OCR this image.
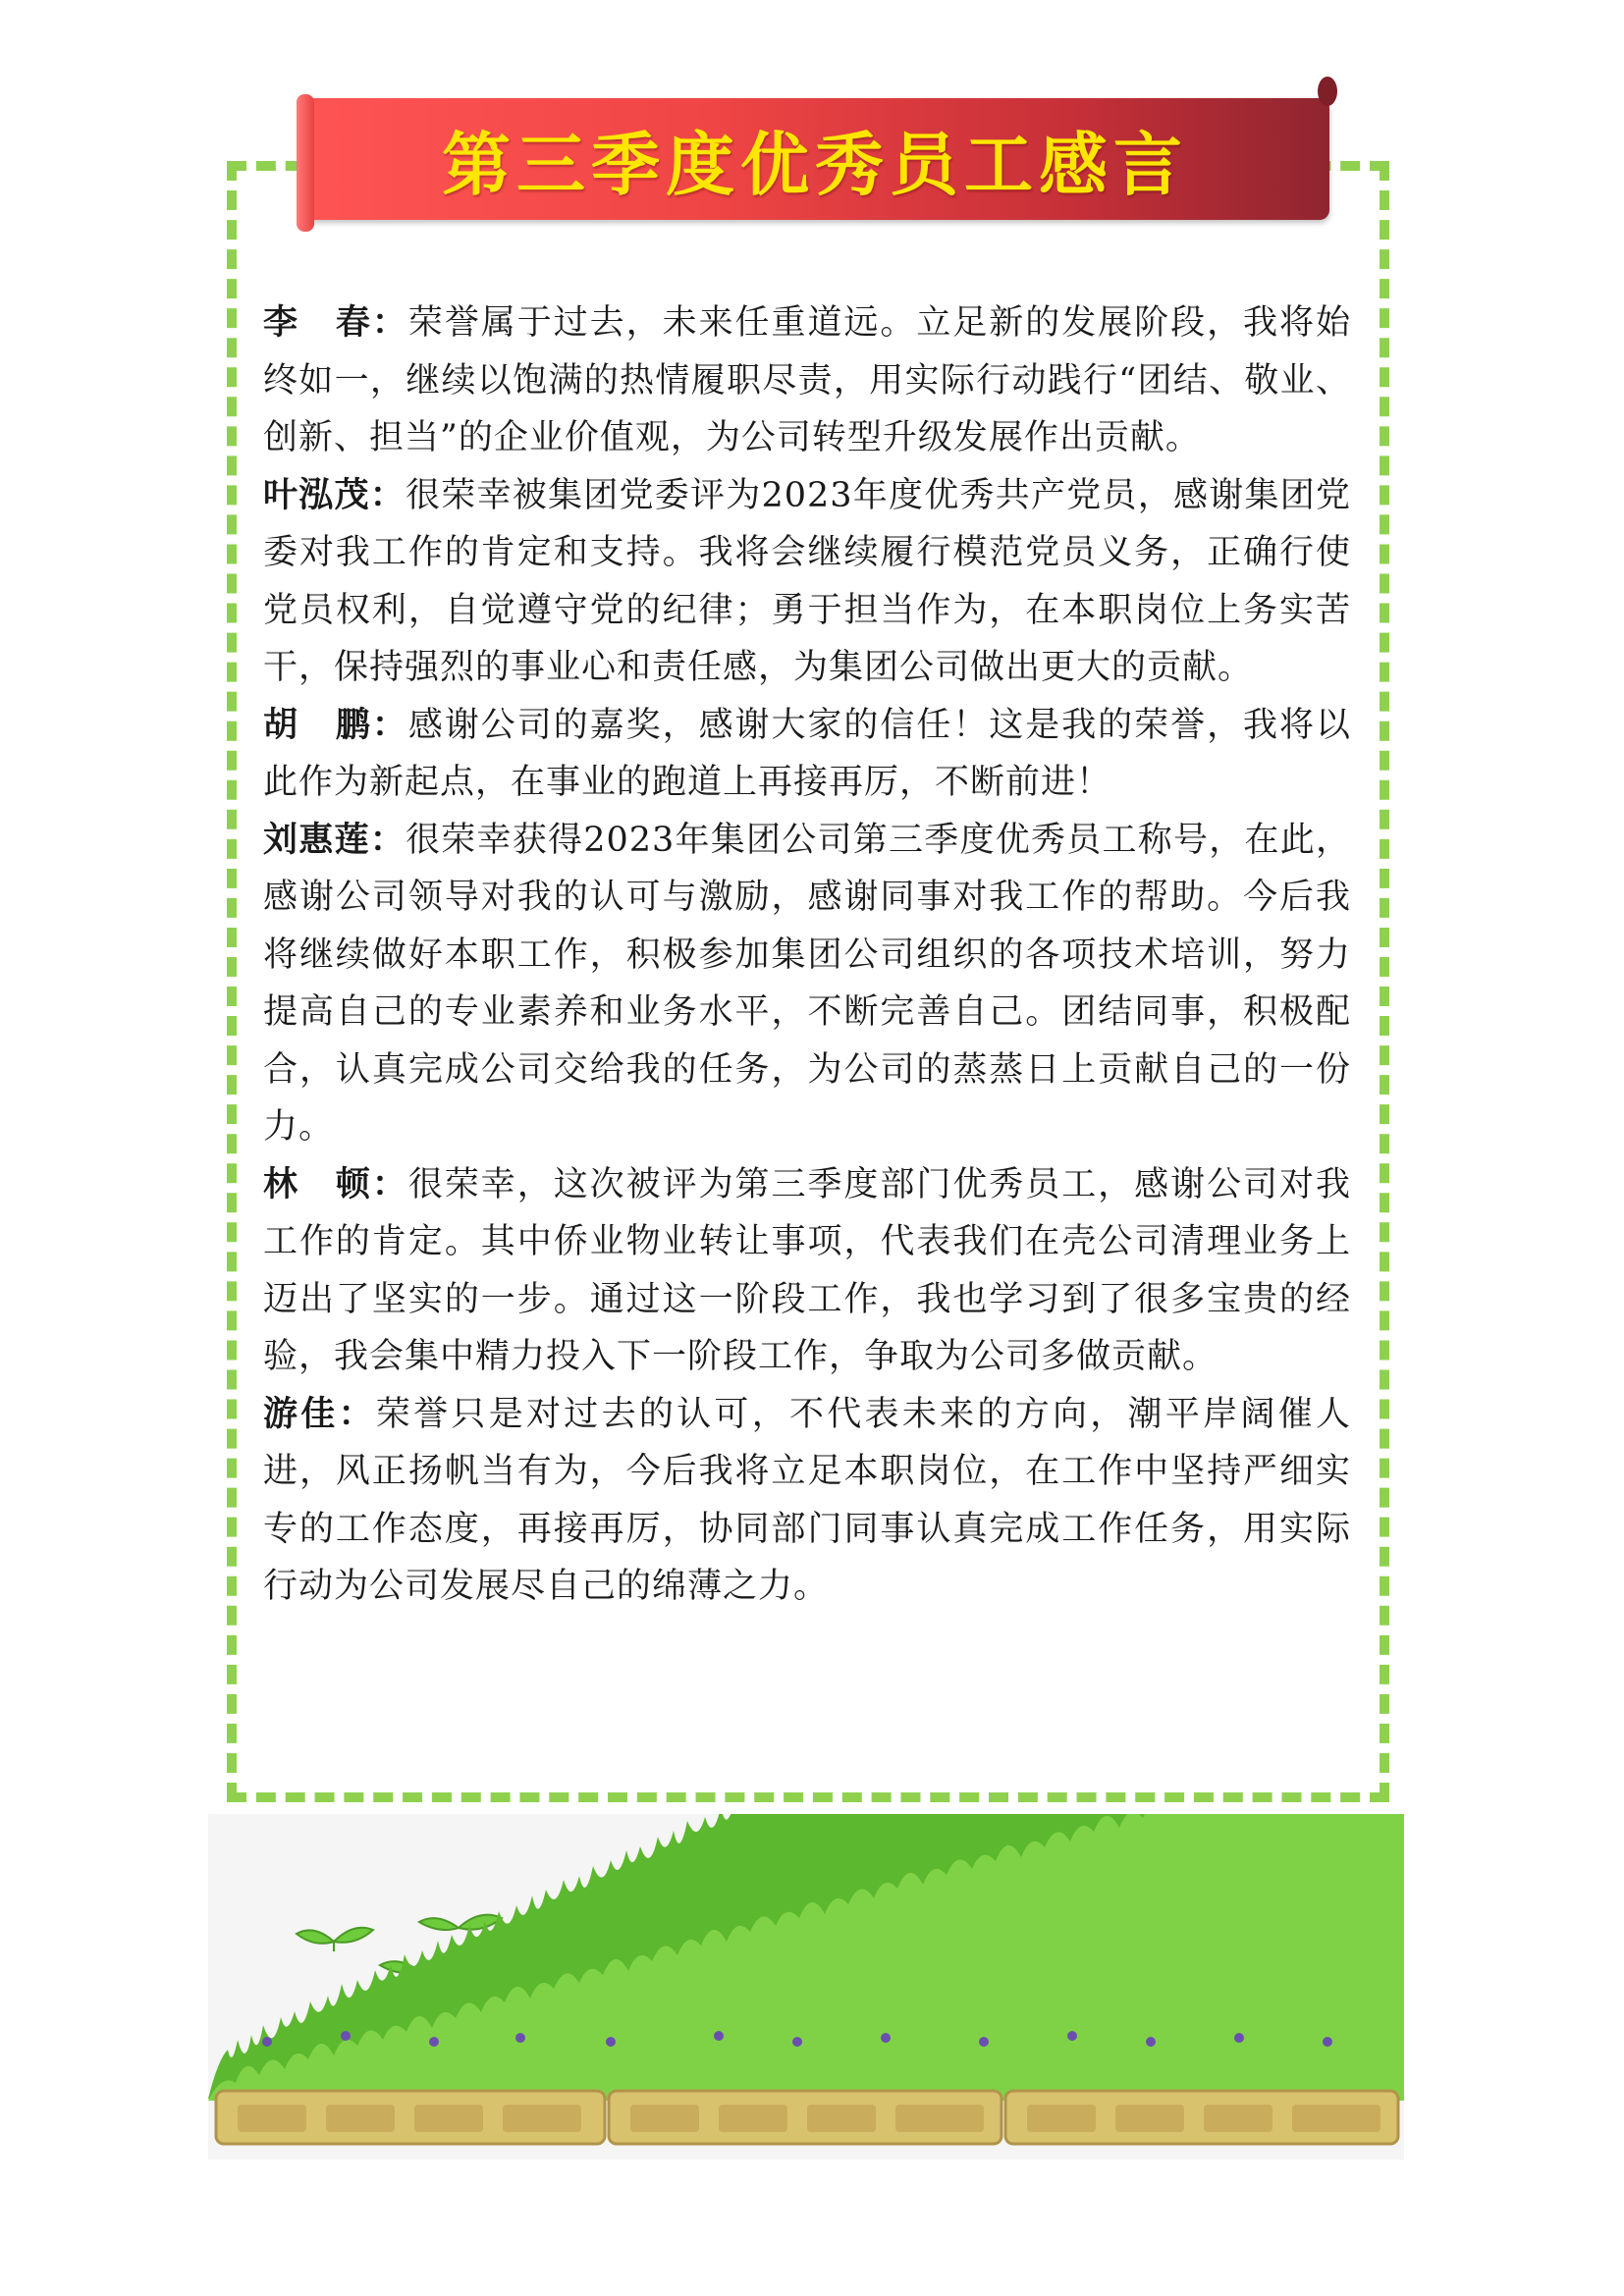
第三季度优秀员工感言

李　春：荣誉属于过去，未来任重道远。立足新的发展阶段，我将始终如一，继续以饱满的热情履职尽责，用实际行动践行“团结、敬业、创新、担当”的企业价值观，为公司转型升级发展作出贡献。

叶泓茂：很荣幸被集团党委评为2023年度优秀共产党员，感谢集团党委对我工作的肯定和支持。我将会继续履行模范党员义务，正确行使党员权利，自觉遵守党的纪律；勇于担当作为，在本职岗位上务实苦干，保持强烈的事业心和责任感，为集团公司做出更大的贡献。

胡　鹏：感谢公司的嘉奖，感谢大家的信任！这是我的荣誉，我将以此作为新起点，在事业的跑道上再接再厉，不断前进！

刘惠莲：很荣幸获得2023年集团公司第三季度优秀员工称号，在此，感谢公司领导对我的认可与激励，感谢同事对我工作的帮助。今后我将继续做好本职工作，积极参加集团公司组织的各项技术培训，努力提高自己的专业素养和业务水平，不断完善自己。团结同事，积极配合，认真完成公司交给我的任务，为公司的蒸蒸日上贡献自己的一份力。

林　顿：很荣幸，这次被评为第三季度部门优秀员工，感谢公司对我工作的肯定。其中侨业物业转让事项，代表我们在壳公司清理业务上迈出了坚实的一步。通过这一阶段工作，我也学习到了很多宝贵的经验，我会集中精力投入下一阶段工作，争取为公司多做贡献。

游佳：荣誉只是对过去的认可，不代表未来的方向，潮平岸阔催人进，风正扬帆当有为，今后我将立足本职岗位，在工作中坚持严细实专的工作态度，再接再厉，协同部门同事认真完成工作任务，用实际行动为公司发展尽自己的绵薄之力。
